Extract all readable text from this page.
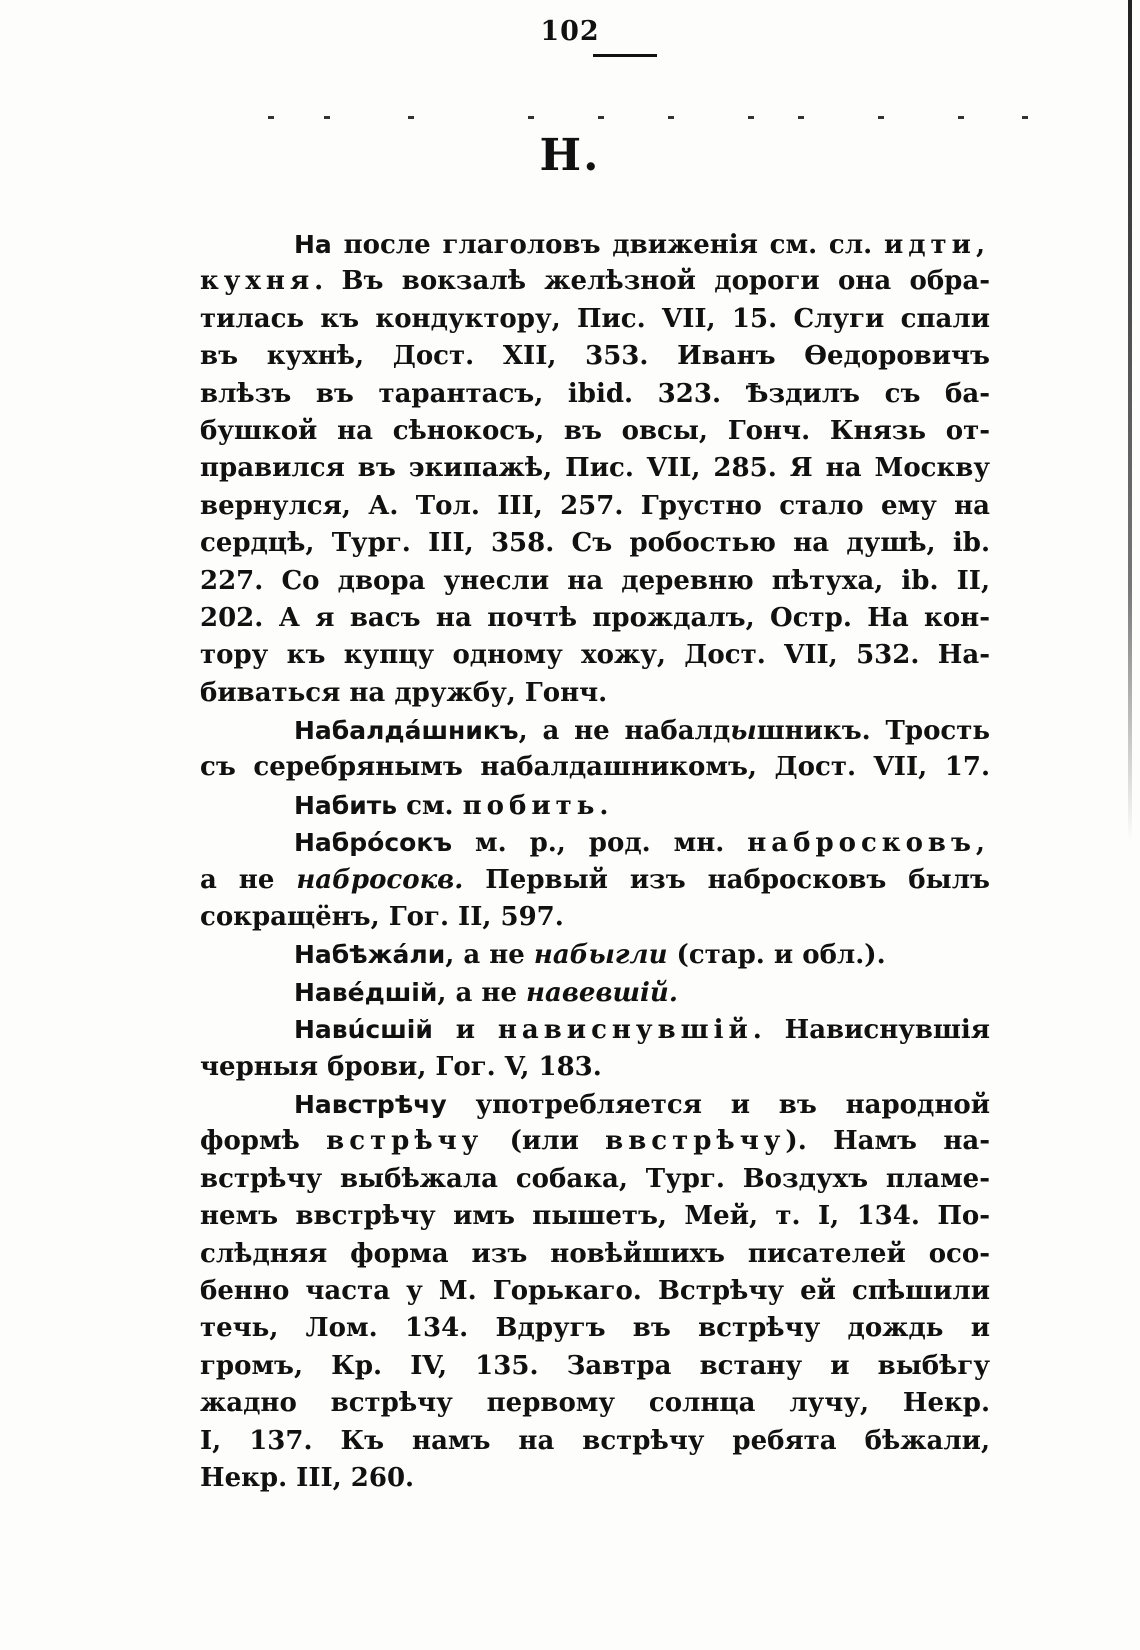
102
Н.
На после глаголовъ движенія см. сл. идти,
кухня. Въ вокзалѣ желѣзной дороги она обра-
тилась къ кондуктору, Пис. VII, 15. Слуги спали
въ кухнѣ, Дост. XII, 353. Иванъ Ѳедоровичъ
влѣзъ въ тарантасъ, ibid. 323. Ѣздилъ съ ба-
бушкой на сѣнокосъ, въ овсы, Гонч. Князь от-
правился въ экипажѣ, Пис. VII, 285. Я на Москву
вернулся, А. Тол. III, 257. Грустно стало ему на
сердцѣ, Тург. III, 358. Съ робостью на душѣ, ib.
227. Со двора унесли на деревню пѣтуха, ib. II,
202. А я васъ на почтѣ прождалъ, Остр. На кон-
тору къ купцу одному хожу, Дост. VII, 532. На-
биваться на дружбу, Гонч.
Набалдáшникъ, а не набалдышникъ. Трость
съ серебрянымъ набалдашникомъ, Дост. VII, 17.
Набить см. побить.
Набрóсокъ м. р., род. мн. набросковъ,
а не набросокв. Первый изъ набросковъ былъ
сокращёнъ, Гог. II, 597.
Набѣжáли, а не набыгли (стар. и обл.).
Навéдшій, а не навевшій.
Навúсшій и нависнувшій. Нависнувшія
черныя брови, Гог. V, 183.
Навстрѣчу употребляется и въ народной
формѣ встрѣчу (или ввстрѣчу). Намъ на-
встрѣчу выбѣжала собака, Тург. Воздухъ пламе-
немъ ввстрѣчу имъ пышетъ, Мей, т. I, 134. По-
слѣдняя форма изъ новѣйшихъ писателей осо-
бенно часта у М. Горькаго. Встрѣчу ей спѣшили
течь, Лом. 134. Вдругъ въ встрѣчу дождь и
громъ, Кр. IV, 135. Завтра встану и выбѣгу
жадно встрѣчу первому солнца лучу, Некр.
I, 137. Къ намъ на встрѣчу ребята бѣжали,
Некр. III, 260.
